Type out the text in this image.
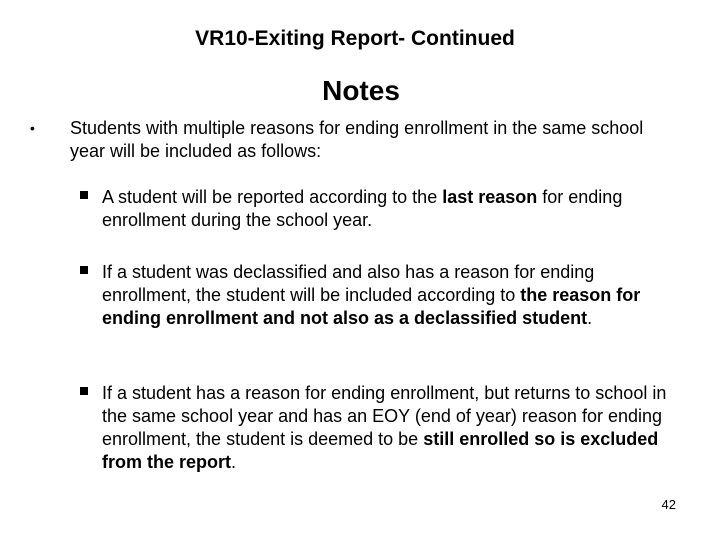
VR10-Exiting Report- Continued
Notes
• Students with multiple reasons for ending enrollment in the same school year will be included as follows:
A student will be reported according to the last reason for ending enrollment during the school year.
If a student was declassified and also has a reason for ending enrollment, the student will be included according to the reason for ending enrollment and not also as a declassified student.
If a student has a reason for ending enrollment, but returns to school in the same school year and has an EOY (end of year) reason for ending enrollment, the student is deemed to be still enrolled so is excluded from the report.
42
